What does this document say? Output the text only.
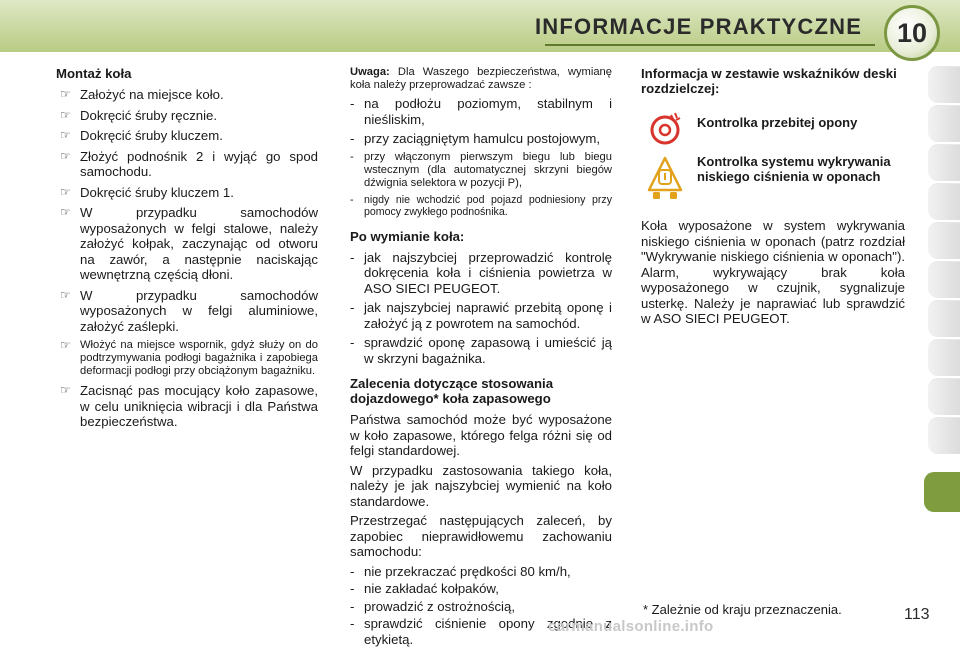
INFORMACJE PRAKTYCZNE	10
Montaż koła
☞ Założyć na miejsce koło.
☞ Dokręcić śruby ręcznie.
☞ Dokręcić śruby kluczem.
☞ Złożyć podnośnik 2 i wyjąć go spod samochodu.
☞ Dokręcić śruby kluczem 1.
☞ W przypadku samochodów wyposażonych w felgi stalowe, należy założyć kołpak, zaczynając od otworu na zawór, a następnie naciskając wewnętrzną częścią dłoni.
☞ W przypadku samochodów wyposażonych w felgi aluminiowe, założyć zaślepki.
☞ Włożyć na miejsce wspornik, gdyż służy on do podtrzymywania podłogi bagażnika i zapobiega deformacji podłogi przy obciążonym bagażniku.
☞ Zacisnąć pas mocujący koło zapasowe, w celu uniknięcia wibracji i dla Państwa bezpieczeństwa.

Uwaga: Dla Waszego bezpieczeństwa, wymianę koła należy przeprowadzać zawsze :

- na podłożu poziomym, stabilnym i nieśliskim,
- przy zaciągniętym hamulcu postojowym,
- przy włączonym pierwszym biegu lub biegu wstecznym (dla automatycznej skrzyni biegów dźwignia selektora w pozycji P),
- nigdy nie wchodzić pod pojazd podniesiony przy pomocy zwykłego podnośnika.
Po wymianie koła:
- jak najszybciej przeprowadzić kontrolę dokręcenia koła i ciśnienia powietrza w ASO SIECI PEUGEOT.
- jak najszybciej naprawić przebitą oponę i założyć ją z powrotem na samochód.
- sprawdzić oponę zapasową i umieścić ją w skrzyni bagażnika.
Zalecenia dotyczące stosowania dojazdowego* koła zapasowego

Państwa samochód może być wyposażone w koło zapasowe, którego felga różni się od felgi standardowej.

W przypadku zastosowania takiego koła, należy je jak najszybciej wymienić na koło standardowe.

Przestrzegać następujących zaleceń, by zapobiec nieprawidłowemu zachowaniu samochodu:

- nie przekraczać prędkości 80 km/h,
- nie zakładać kołpaków,
- prowadzić z ostrożnością,
- sprawdzić ciśnienie opony zgodnie z etykietą.
Informacja w zestawie wskaźników deski rozdzielczej:
Kontrolka przebitej opony
Kontrolka systemu wykrywania niskiego ciśnienia w oponach

Koła wyposażone w system wykrywania niskiego ciśnienia w oponach (patrz rozdział "Wykrywanie niskiego ciśnienia w oponach"). Alarm, wykrywający brak koła wyposażonego w czujnik, sygnalizuje usterkę. Należy je naprawiać lub sprawdzić w ASO SIECI PEUGEOT.

* Zależnie od kraju przeznaczenia.	113
carmanualsonline.info
